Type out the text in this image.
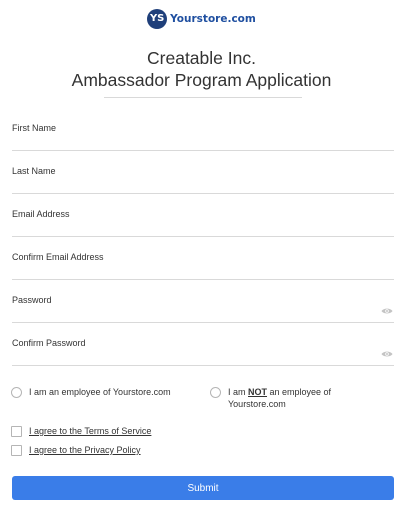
YS Yourstore.com
Creatable Inc.
Ambassador Program Application
First Name
Last Name
Email Address
Confirm Email Address
Password
Confirm Password
I am an employee of Yourstore.com	I am NOT an employee of
Yourstore.com
I agree to the Terms of Service
I agree to the Privacy Policy
Submit
